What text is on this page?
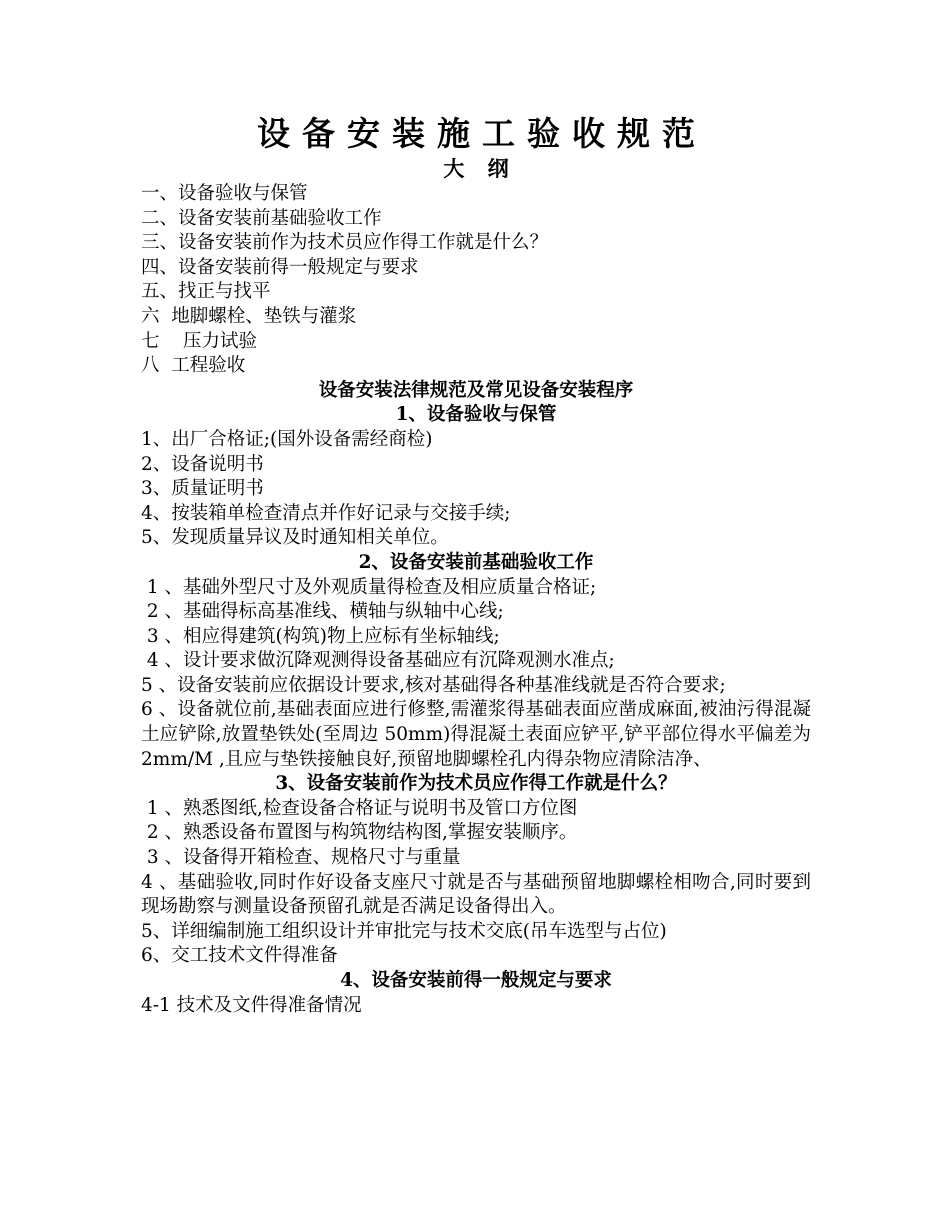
设备安装施工验收规范
大 纲
一、设备验收与保管
二、设备安装前基础验收工作
三、设备安装前作为技术员应作得工作就是什么？
四、设备安装前得一般规定与要求
五、找正与找平
六  地脚螺栓、垫铁与灌浆
七    压力试验
八  工程验收
设备安装法律规范及常见设备安装程序
1、设备验收与保管
1、出厂合格证;(国外设备需经商检)
2、设备说明书
3、质量证明书
4、按装箱单检查清点并作好记录与交接手续;
5、发现质量异议及时通知相关单位。
2、设备安装前基础验收工作
1 、基础外型尺寸及外观质量得检查及相应质量合格证;
2 、基础得标高基准线、横轴与纵轴中心线;
3 、相应得建筑(构筑)物上应标有坐标轴线;
4 、设计要求做沉降观测得设备基础应有沉降观测水准点;
5 、设备安装前应依据设计要求,核对基础得各种基准线就是否符合要求;
6 、设备就位前,基础表面应进行修整,需灌浆得基础表面应凿成麻面,被油污得混凝土应铲除,放置垫铁处(至周边 50mm)得混凝土表面应铲平,铲平部位得水平偏差为 2mm/M ,且应与垫铁接触良好,预留地脚螺栓孔内得杂物应清除洁净、
3、设备安装前作为技术员应作得工作就是什么？
1 、熟悉图纸,检查设备合格证与说明书及管口方位图
2 、熟悉设备布置图与构筑物结构图,掌握安装顺序。
3 、设备得开箱检查、规格尺寸与重量
4 、基础验收,同时作好设备支座尺寸就是否与基础预留地脚螺栓相吻合,同时要到现场勘察与测量设备预留孔就是否满足设备得出入。
5、详细编制施工组织设计并审批完与技术交底(吊车选型与占位)
6、交工技术文件得准备
4、设备安装前得一般规定与要求
4-1 技术及文件得准备情况
